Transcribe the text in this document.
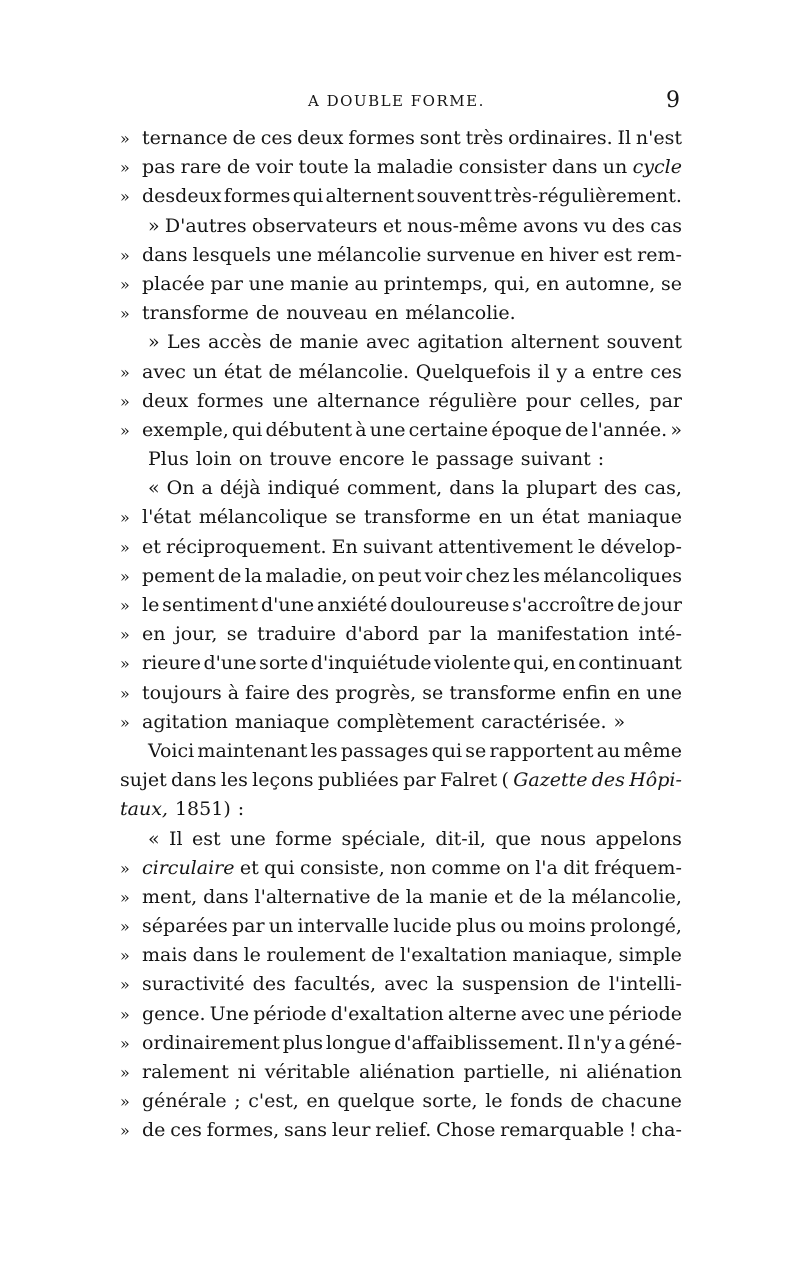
A DOUBLE FORME.	9
» ternance de ces deux formes sont très ordinaires. Il n'est
» pas rare de voir toute la maladie consister dans un cycle
» desdeux formes qui alternent souvent très-régulièrement.
» D'autres observateurs et nous-même avons vu des cas
» dans lesquels une mélancolie survenue en hiver est rem-
» placée par une manie au printemps, qui, en automne, se
» transforme de nouveau en mélancolie.
» Les accès de manie avec agitation alternent souvent
» avec un état de mélancolie. Quelquefois il y a entre ces
» deux formes une alternance régulière pour celles, par
» exemple, qui débutent à une certaine époque de l'année. »
Plus loin on trouve encore le passage suivant :
« On a déjà indiqué comment, dans la plupart des cas,
» l'état mélancolique se transforme en un état maniaque
» et réciproquement. En suivant attentivement le dévelop-
» pement de la maladie, on peut voir chez les mélancoliques
» le sentiment d'une anxiété douloureuse s'accroître de jour
» en jour, se traduire d'abord par la manifestation inté-
» rieure d'une sorte d'inquiétude violente qui, en continuant
» toujours à faire des progrès, se transforme enfin en une
» agitation maniaque complètement caractérisée. »
Voici maintenant les passages qui se rapportent au même
sujet dans les leçons publiées par Falret ( Gazette des Hôpi-
taux, 1851) :
« Il est une forme spéciale, dit-il, que nous appelons
» circulaire et qui consiste, non comme on l'a dit fréquem-
» ment, dans l'alternative de la manie et de la mélancolie,
» séparées par un intervalle lucide plus ou moins prolongé,
» mais dans le roulement de l'exaltation maniaque, simple
» suractivité des facultés, avec la suspension de l'intelli-
» gence. Une période d'exaltation alterne avec une période
» ordinairement plus longue d'affaiblissement. Il n'y a géné-
» ralement ni véritable aliénation partielle, ni aliénation
» générale ; c'est, en quelque sorte, le fonds de chacune
» de ces formes, sans leur relief. Chose remarquable ! cha-
